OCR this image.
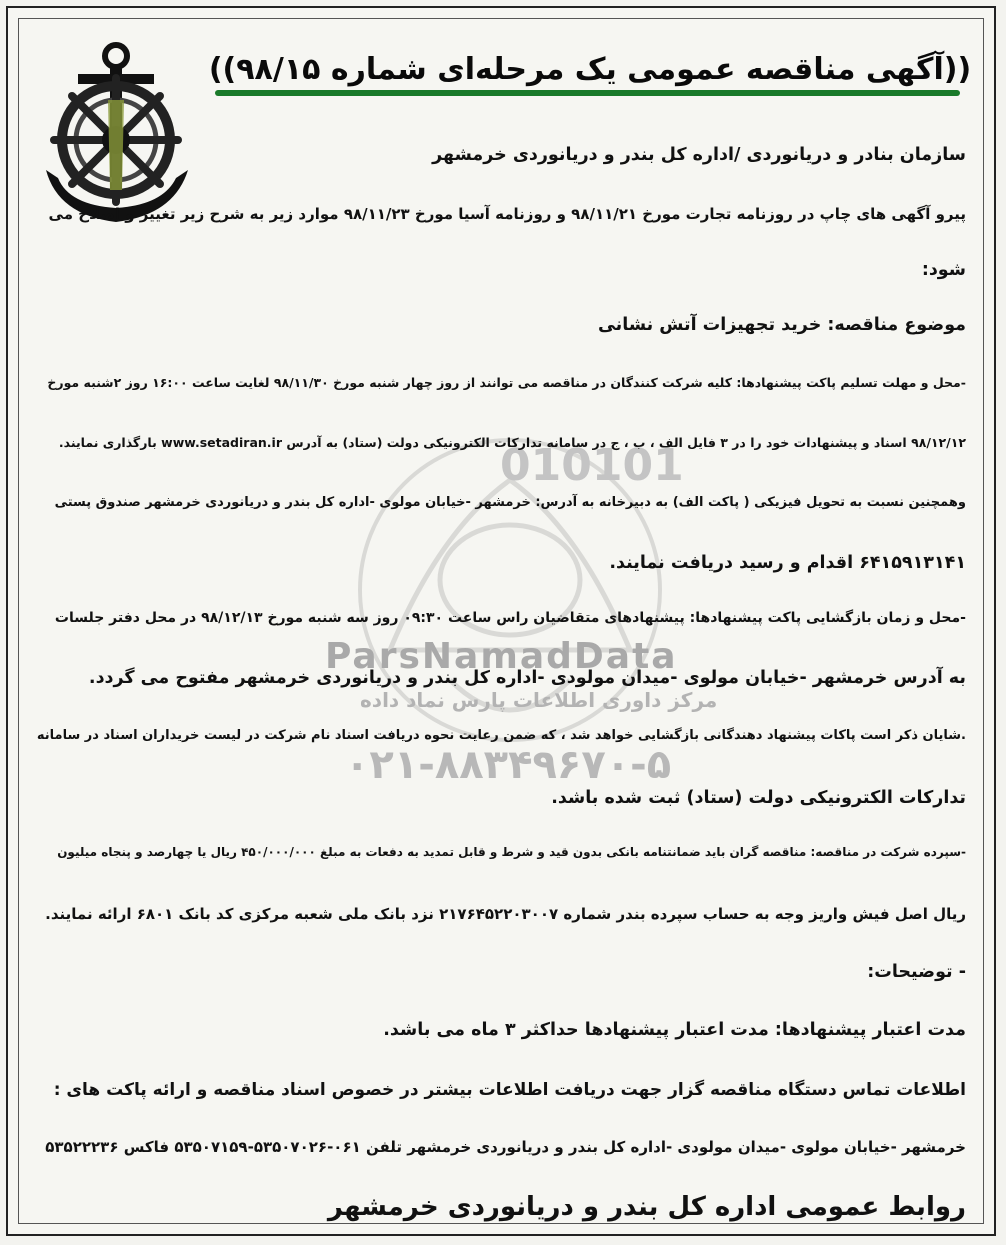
010101
ParsNamadData
مرکز داوری اطلاعات پارس نماد داده
۰۲۱-۸۸۳۴۹۶۷۰-۵
((آگهی مناقصه عمومی یک مرحله‌ای شماره ۹۸/۱۵))
سازمان بنادر و دریانوردی /اداره کل بندر و دریانوردی خرمشهر
پیرو آگهی های چاپ در روزنامه تجارت مورخ ۹۸/۱۱/۲۱ و روزنامه آسیا مورخ ۹۸/۱۱/۲۳ موارد زیر به شرح زیر تغییر و اصلاح می
شود:
موضوع مناقصه: خرید تجهیزات آتش نشانی
-محل و مهلت تسلیم پاکت پیشنهادها: کلیه شرکت کنندگان در مناقصه می توانند از روز چهار شنبه مورخ ۹۸/۱۱/۳۰ لغایت ساعت ۱۶:۰۰ روز ۲شنبه مورخ
۹۸/۱۲/۱۲ اسناد و پیشنهادات خود را در ۳ فایل الف ، ب ، ج در سامانه تدارکات الکترونیکی دولت (ستاد) به آدرس www.setadiran.ir بارگذاری نمایند.
وهمچنین نسبت به تحویل فیزیکی ( پاکت الف) به دبیرخانه به آدرس: خرمشهر -خیابان مولوی -اداره کل بندر و دریانوردی خرمشهر صندوق پستی
۶۴۱۵۹۱۳۱۴۱ اقدام و رسید دریافت نمایند.
-محل و زمان بازگشایی پاکت پیشنهادها: پیشنهادهای متقاضیان راس ساعت ۰۹:۳۰ روز سه شنبه مورخ ۹۸/۱۲/۱۳ در محل دفتر جلسات
به آدرس خرمشهر -خیابان مولوی -میدان مولودی -اداره کل بندر و دریانوردی خرمشهر مفتوح می گردد.
.شایان ذکر است پاکات پیشنهاد دهندگانی بازگشایی خواهد شد ، که ضمن رعایت نحوه دریافت اسناد نام شرکت در لیست خریداران اسناد در سامانه
تدارکات الکترونیکی دولت (ستاد) ثبت شده باشد.
-سپرده شرکت در مناقصه: مناقصه گران باید ضمانتنامه بانکی بدون قید و شرط و قابل تمدید به دفعات به مبلغ ۴۵۰/۰۰۰/۰۰۰ ریال یا چهارصد و پنجاه میلیون
ریال اصل فیش واریز وجه به حساب سپرده بندر شماره ۲۱۷۶۴۵۲۲۰۳۰۰۷ نزد بانک ملی شعبه مرکزی کد بانک ۶۸۰۱ ارائه نمایند.
- توضیحات:
مدت اعتبار پیشنهادها: مدت اعتبار پیشنهادها حداکثر ۳ ماه می باشد.
اطلاعات تماس دستگاه مناقصه گزار جهت دریافت اطلاعات بیشتر در خصوص اسناد مناقصه و ارائه پاکت های :
خرمشهر -خیابان مولوی -میدان مولودی -اداره کل بندر و دریانوردی خرمشهر تلفن ۰۶۱-۵۳۵۰۷۰۲۶-۵۳۵۰۷۱۵۹ فاکس ۵۳۵۲۲۲۳۶
روابط عمومی اداره کل بندر و دریانوردی خرمشهر
